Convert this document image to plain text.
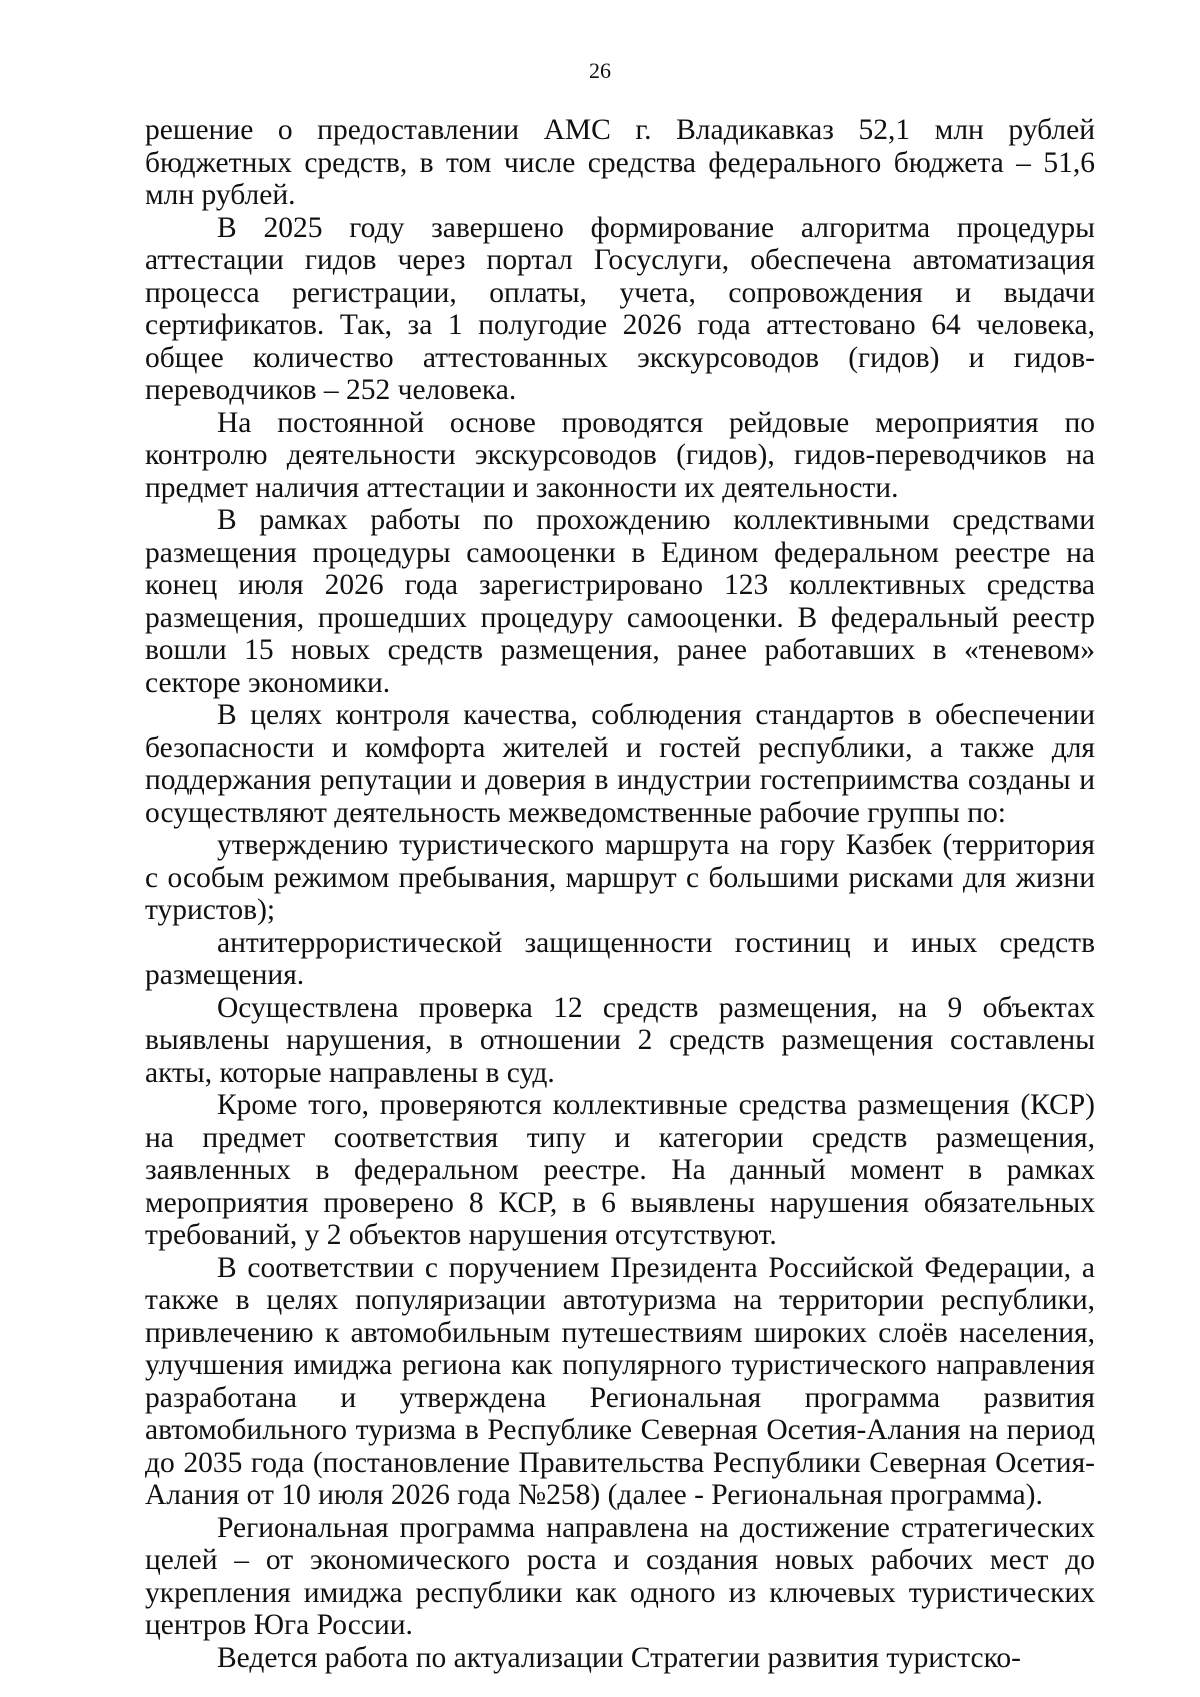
26

решение о предоставлении АМС г. Владикавказ 52,1 млн рублей бюджетных средств, в том числе средства федерального бюджета – 51,6 млн рублей.

В 2025 году завершено формирование алгоритма процедуры аттестации гидов через портал Госуслуги, обеспечена автоматизация процесса регистрации, оплаты, учета, сопровождения и выдачи сертификатов. Так, за 1 полугодие 2026 года аттестовано 64 человека, общее количество аттестованных экскурсоводов (гидов) и гидов-переводчиков – 252 человека.

На постоянной основе проводятся рейдовые мероприятия по контролю деятельности экскурсоводов (гидов), гидов-переводчиков на предмет наличия аттестации и законности их деятельности.

В рамках работы по прохождению коллективными средствами размещения процедуры самооценки в Едином федеральном реестре на конец июля 2026 года зарегистрировано 123 коллективных средства размещения, прошедших процедуру самооценки. В федеральный реестр вошли 15 новых средств размещения, ранее работавших в «теневом» секторе экономики.

В целях контроля качества, соблюдения стандартов в обеспечении безопасности и комфорта жителей и гостей республики, а также для поддержания репутации и доверия в индустрии гостеприимства созданы и осуществляют деятельность межведомственные рабочие группы по:

утверждению туристического маршрута на гору Казбек (территория с особым режимом пребывания, маршрут с большими рисками для жизни туристов);

антитеррористической защищенности гостиниц и иных средств размещения.

Осуществлена проверка 12 средств размещения, на 9 объектах выявлены нарушения, в отношении 2 средств размещения составлены акты, которые направлены в суд.

Кроме того, проверяются коллективные средства размещения (КСР) на предмет соответствия типу и категории средств размещения, заявленных в федеральном реестре. На данный момент в рамках мероприятия проверено 8 КСР, в 6 выявлены нарушения обязательных требований, у 2 объектов нарушения отсутствуют.

В соответствии с поручением Президента Российской Федерации, а также в целях популяризации автотуризма на территории республики, привлечению к автомобильным путешествиям широких слоёв населения, улучшения имиджа региона как популярного туристического направления разработана и утверждена Региональная программа развития автомобильного туризма в Республике Северная Осетия-Алания на период до 2035 года (постановление Правительства Республики Северная Осетия-Алания от 10 июля 2026 года №258) (далее - Региональная программа).

Региональная программа направлена на достижение стратегических целей – от экономического роста и создания новых рабочих мест до укрепления имиджа республики как одного из ключевых туристических центров Юга России.

Ведется работа по актуализации Стратегии развития туристско-
